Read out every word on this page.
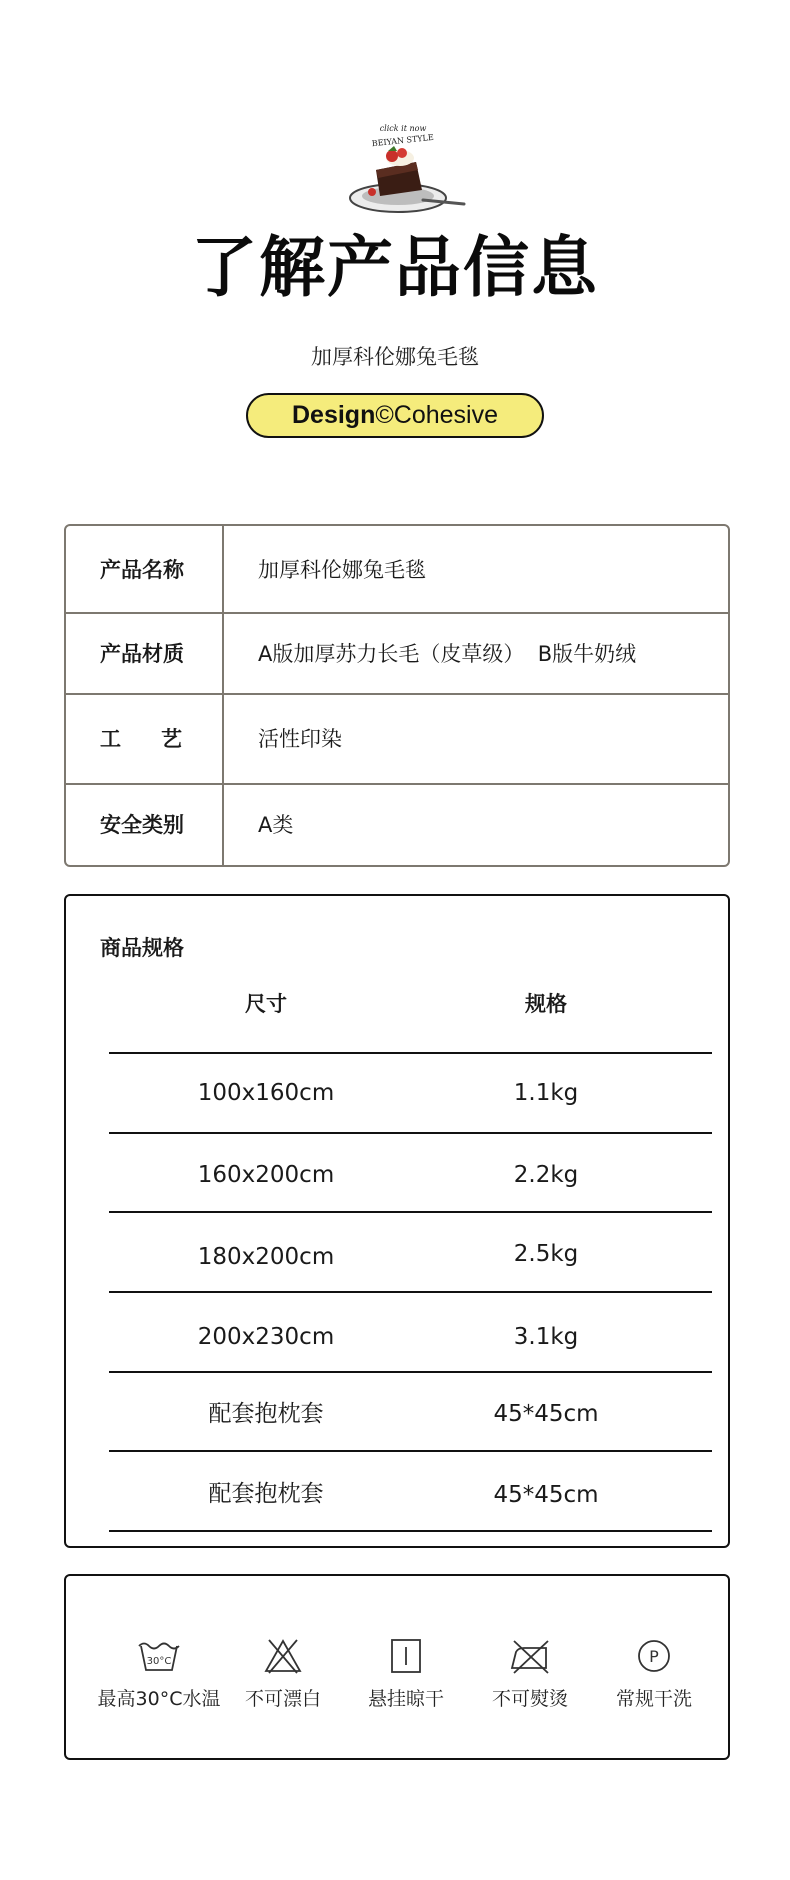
click it now
BEIYAN STYLE
了解产品信息
加厚科伦娜兔毛毯
Design ©Cohesive
产品名称	加厚科伦娜兔毛毯
产品材质	A版加厚苏力长毛（皮草级）  B版牛奶绒
工艺	活性印染
安全类别	A类
商品规格
尺寸	规格
100x160cm	1.1kg
160x200cm	2.2kg
180x200cm	2.5kg
200x230cm	3.1kg
配套抱枕套	45*45cm
配套抱枕套	45*45cm
30°C
最高30°C水温	不可漂白	悬挂晾干	不可熨烫
P
常规干洗
